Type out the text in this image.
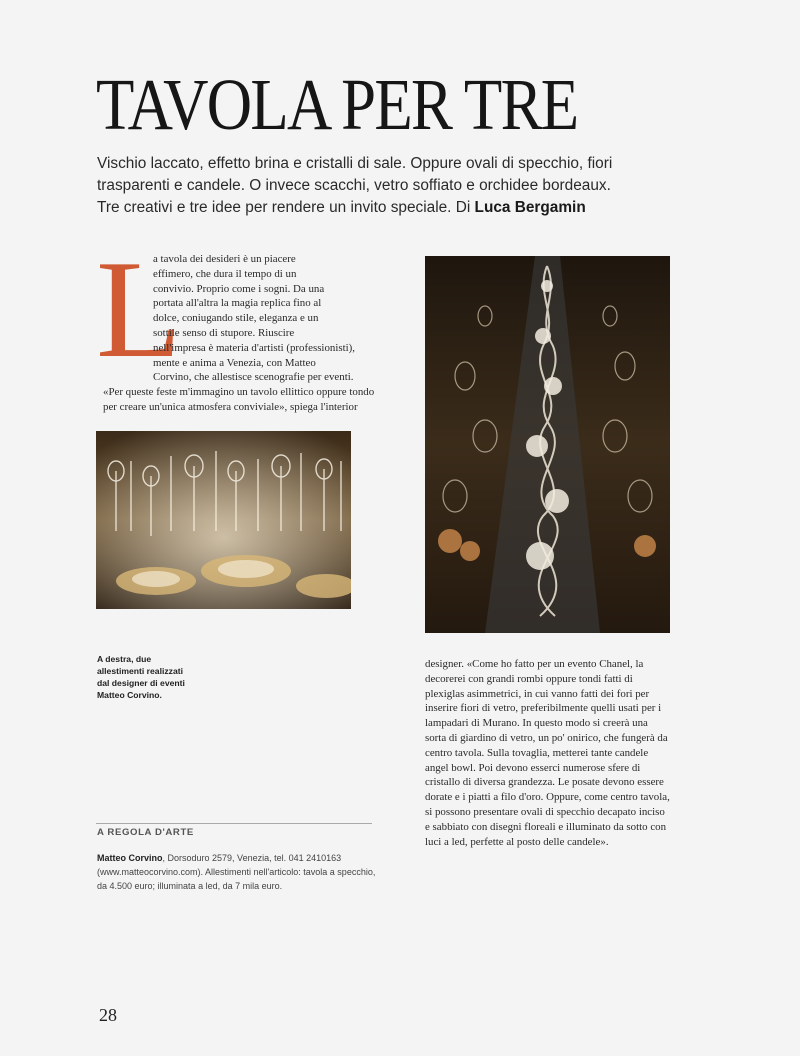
TAVOLA PER TRE
Vischio laccato, effetto brina e cristalli di sale. Oppure ovali di specchio, fiori trasparenti e candele. O invece scacchi, vetro soffiato e orchidee bordeaux. Tre creativi e tre idee per rendere un invito speciale. Di Luca Bergamin
L
a tavola dei desideri è un piacere
effimero, che dura il tempo di un
convivio. Proprio come i sogni. Da una
portata all'altra la magia replica fino al
dolce, coniugando stile, eleganza e un
sottile senso di stupore. Riuscire
nell'impresa è materia d'artisti (professionisti),
mente e anima a Venezia, con Matteo
Corvino, che allestisce scenografie per eventi.
«Per queste feste m'immagino un tavolo ellittico oppure tondo
per creare un'unica atmosfera conviviale», spiega l'interior
A destra, due allestimenti realizzati dal designer di eventi Matteo Corvino.
designer. «Come ho fatto per un evento Chanel, la decorerei con grandi rombi oppure tondi fatti di plexiglas asimmetrici, in cui vanno fatti dei fori per inserire fiori di vetro, preferibilmente quelli usati per i lampadari di Murano. In questo modo si creerà una sorta di giardino di vetro, un po' onirico, che fungerà da centro tavola. Sulla tovaglia, metterei tante candele angel bowl. Poi devono esserci numerose sfere di cristallo di diversa grandezza. Le posate devono essere dorate e i piatti a filo d'oro. Oppure, come centro tavola, si possono presentare ovali di specchio decapato inciso e sabbiato con disegni floreali e illuminato da sotto con luci a led, perfette al posto delle candele».
A REGOLA D'ARTE
Matteo Corvino, Dorsoduro 2579, Venezia, tel. 041 2410163 (www.matteocorvino.com). Allestimenti nell'articolo: tavola a specchio, da 4.500 euro; illuminata a led, da 7 mila euro.
28
